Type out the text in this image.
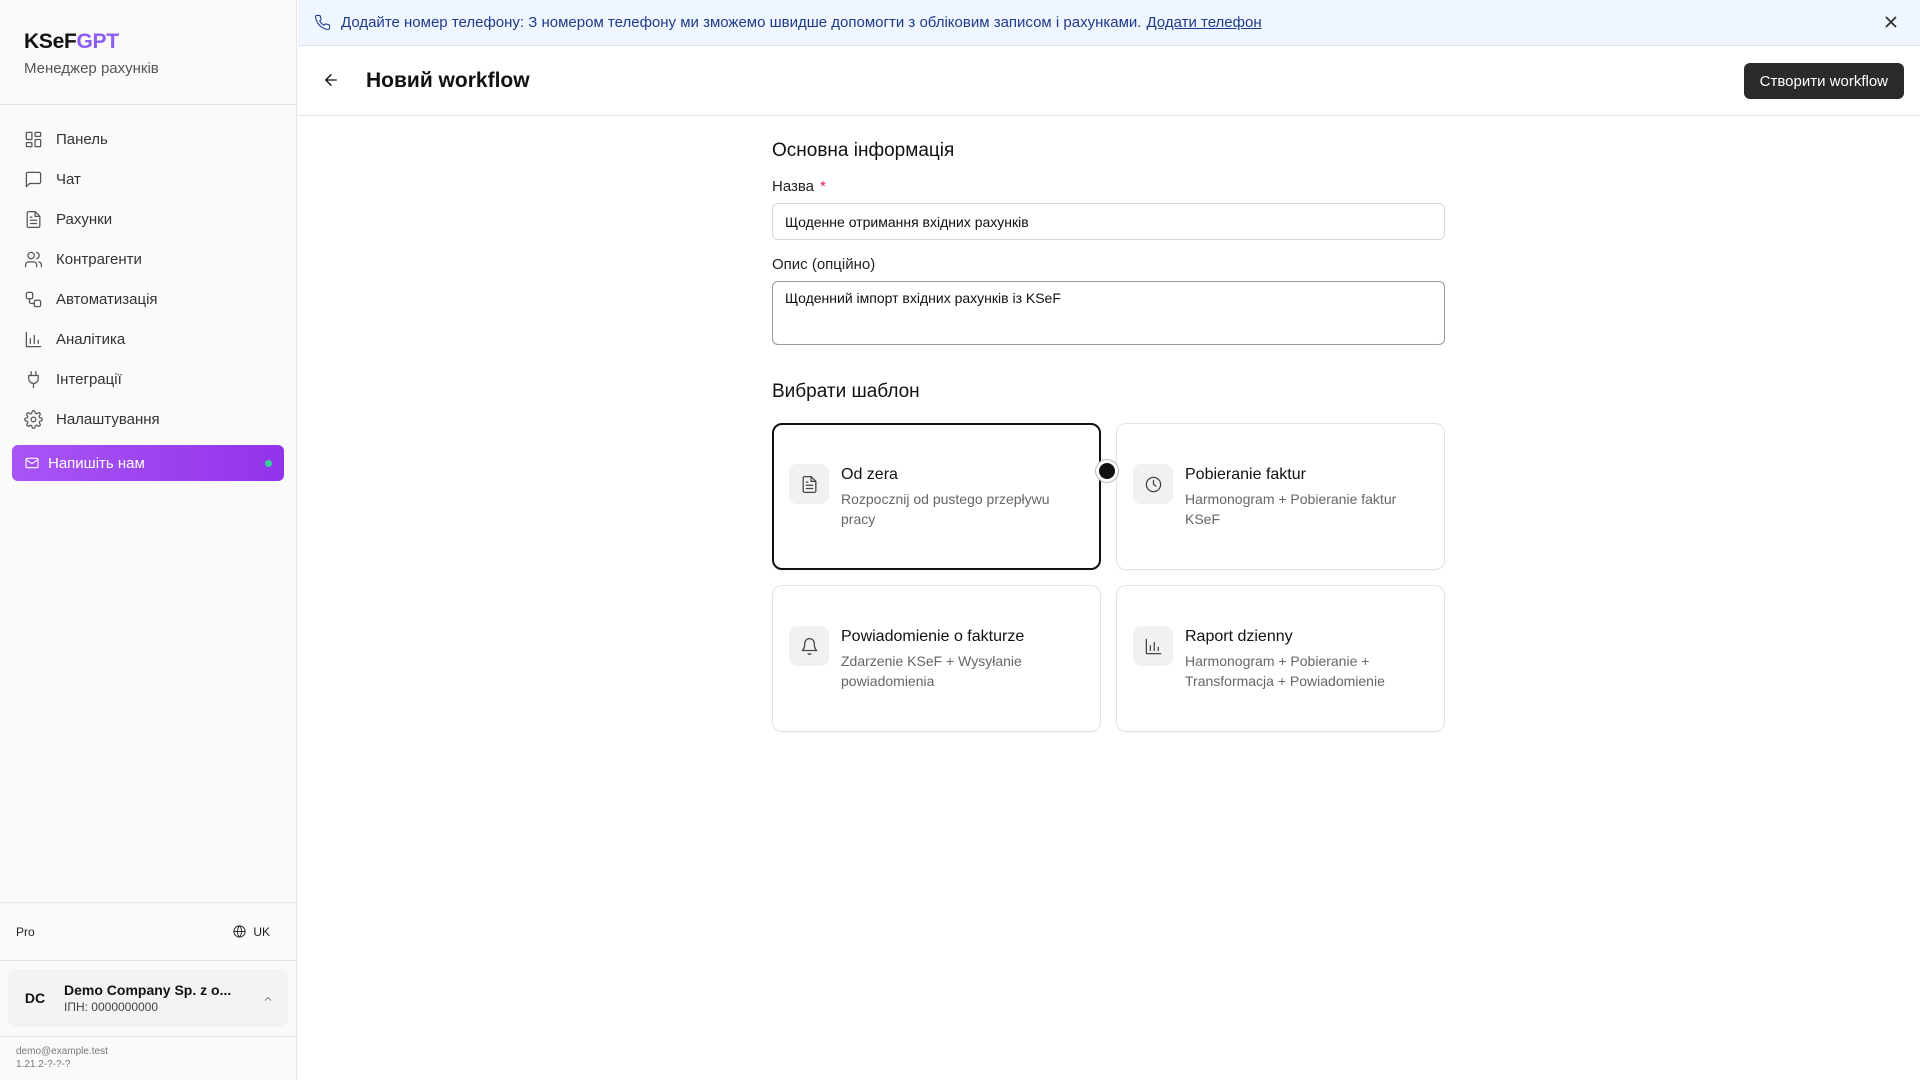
KSeFGPT
Менеджер рахунків
Панель
Чат
Рахунки
Контрагенти
Автоматизація
Аналітика
Інтеграції
Налаштування
Напишіть нам
Pro	UK
DC	Demo Company Sp. z o...
ІПН: 0000000000
demo@example.test
1.21.2-?-?-?
Додайте номер телефону: З номером телефону ми зможемо швидше допомогти з обліковим записом і рахунками. Додати телефон
Новий workflow	Створити workflow
Основна інформація
Назва *
Щоденне отримання вхідних рахунків
Опис (опційно)
Щоденний імпорт вхідних рахунків із KSeF
Вибрати шаблон
Od zera
Rozpocznij od pustego przepływu pracy
Pobieranie faktur
Harmonogram + Pobieranie faktur KSeF
Powiadomienie o fakturze
Zdarzenie KSeF + Wysyłanie powiadomienia
Raport dzienny
Harmonogram + Pobieranie + Transformacja + Powiadomienie
